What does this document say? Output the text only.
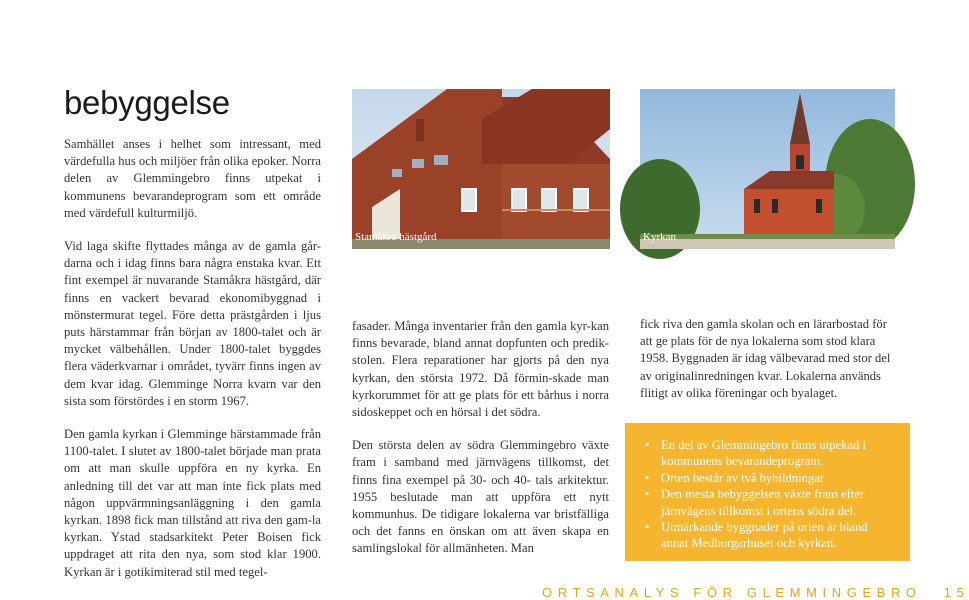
bebyggelse

Samhället anses i helhet som intressant, med värdefulla hus och miljöer från olika epoker. Norra delen av Glemmingebro finns utpekat i kommunens bevarandeprogram som ett område med värdefull kulturmiljö.

Vid laga skifte flyttades många av de gamla går-darna och i idag finns bara några enstaka kvar. Ett fint exempel är nuvarande Stamåkra hästgård, där finns en vackert bevarad ekonomibyggnad i mönstermurat tegel. Före detta prästgården i ljus puts härstammar från början av 1800-talet och är mycket välbehållen. Under 1800-talet byggdes flera väderkvarnar i området, tyvärr finns ingen av dem kvar idag. Glemminge Norra kvarn var den sista som förstördes i en storm 1967.

Den gamla kyrkan i Glemminge härstammade från 1100-talet. I slutet av 1800-talet började man prata om att man skulle uppföra en ny kyrka. En anledning till det var att man inte fick plats med någon uppvärmningsanläggning i den gamla kyrkan. 1898 fick man tillstånd att riva den gam-la kyrkan. Ystad stadsarkitekt Peter Boisen fick uppdraget att rita den nya, som stod klar 1900. Kyrkan är i gotikimiterad stil med tegel-

Stamåkra hästgård	Kyrkan

fasader. Många inventarier från den gamla kyr-kan finns bevarade, bland annat dopfunten och predik-stolen. Flera reparationer har gjorts på den nya kyrkan, den största 1972. Då förmin-skade man kyrkorummet för att ge plats för ett bårhus i norra sidoskeppet och en hörsal i det södra.

Den största delen av södra Glemmingebro växte fram i samband med järnvägens tillkomst, det finns fina exempel på 30- och 40- tals arkitektur. 1955 beslutade man att uppföra ett nytt kommunhus. De tidigare lokalerna var bristfälliga och det fanns en önskan om att även skapa en samlingslokal för allmänheten. Man

fick riva den gamla skolan och en lärarbostad för att ge plats för de nya lokalerna som stod klara 1958. Byggnaden är idag välbevarad med stor del av originalinredningen kvar. Lokalerna används flitigt av olika föreningar och byalaget.

• En del av Glemmingebro finns utpekad i kommunens bevarandeprogram.
• Orten består av två bybildningar
• Den mesta bebyggelsen växte fram efter järnvägens tillkomst i ortens södra del.
• Utmärkande byggnader på orten är bland annat Medborgarhuset och kyrkan.
ORTSANALYS FÖR GLEMMINGEBRO 15
